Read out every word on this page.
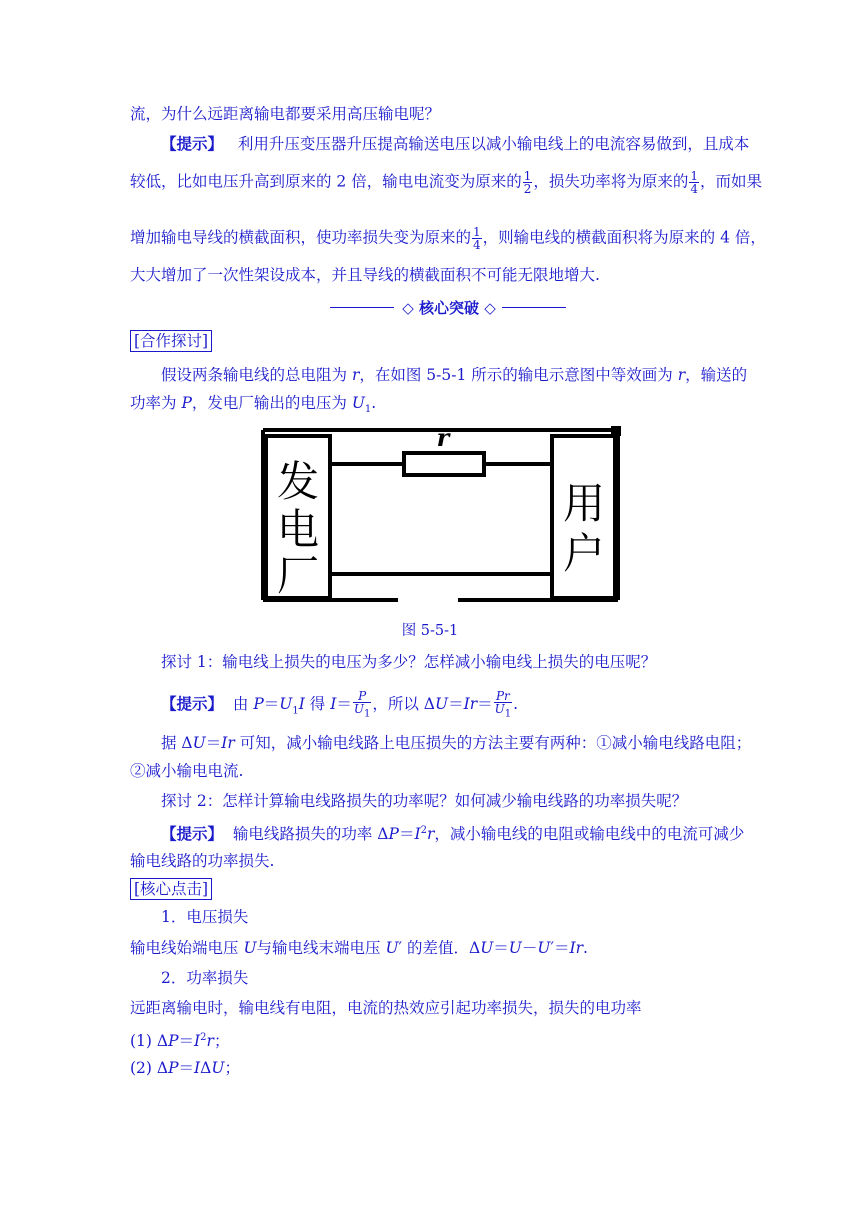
流，为什么远距离输电都要采用高压输电呢？
【提示】 利用升压变压器升压提高输送电压以减小输电线上的电流容易做到，且成本
较低，比如电压升高到原来的 2 倍，输电电流变为原来的 $\frac{1}{2}$ ，损失功率将为原来的 $\frac{1}{4}$ ，而如果
增加输电导线的横截面积，使功率损失变为原来的 $\frac{1}{4}$ ，则输电线的横截面积将为原来的 4 倍，
大大增加了一次性架设成本，并且导线的横截面积不可能无限地增大.
◇ 核心突破 ◇
[合作探讨]
假设两条输电线的总电阻为 r，在如图 5-5-1 所示的输电示意图中等效画为 r，输送的
功率为 P，发电厂输出的电压为 $U_1$.
r
发
电
厂
用
户
图 5-5-1
探讨 1：输电线上损失的电压为多少？怎样减小输电线上损失的电压呢？
【提示】 由 $P=U_1I$ 得 $I= \frac{P}{U_1}$ ，所以 $\Delta U=Ir= \frac{Pr}{U_1}$ .
据 ΔU＝Ir 可知，减小输电线路上电压损失的方法主要有两种：①减小输电线路电阻；
②减小输电电流.
探讨 2：怎样计算输电线路损失的功率呢？如何减少输电线路的功率损失呢？
【提示】 输电线路损失的功率 $\Delta P=I^2r$，减小输电线的电阻或输电线中的电流可减少
输电线路的功率损失.
[核心点击]
1．电压损失
输电线始端电压 U与输电线末端电压 U′ 的差值．ΔU＝U－U′＝Ir.
2．功率损失
远距离输电时，输电线有电阻，电流的热效应引起功率损失，损失的电功率
(1) $\Delta P=I^2r$；
(2) ΔP＝IΔU；
